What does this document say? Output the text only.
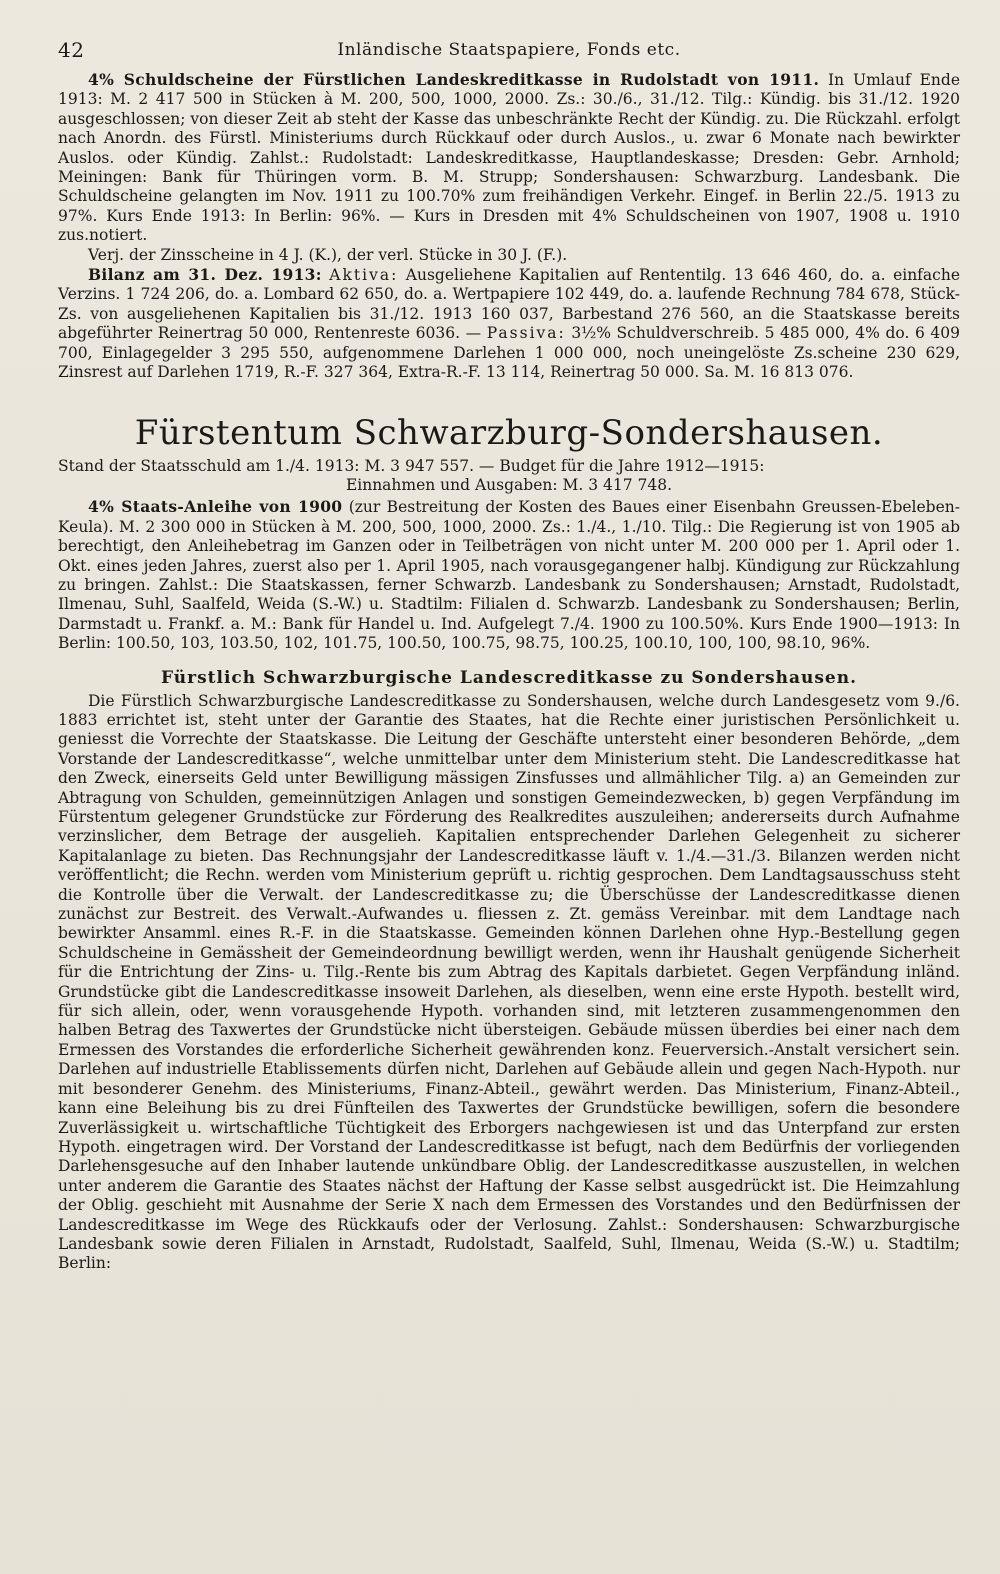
42	Inländische Staatspapiere, Fonds etc.

4% Schuldscheine der Fürstlichen Landeskreditkasse in Rudolstadt von 1911. In Umlauf Ende 1913: M. 2 417 500 in Stücken à M. 200, 500, 1000, 2000. Zs.: 30./6., 31./12. Tilg.: Kündig. bis 31./12. 1920 ausgeschlossen; von dieser Zeit ab steht der Kasse das unbeschränkte Recht der Kündig. zu. Die Rückzahl. erfolgt nach Anordn. des Fürstl. Ministeriums durch Rückkauf oder durch Auslos., u. zwar 6 Monate nach bewirkter Auslos. oder Kündig. Zahlst.: Rudolstadt: Landeskreditkasse, Hauptlandeskasse; Dresden: Gebr. Arnhold; Meiningen: Bank für Thüringen vorm. B. M. Strupp; Sondershausen: Schwarzburg. Landesbank. Die Schuldscheine gelangten im Nov. 1911 zu 100.70% zum freihändigen Verkehr. Eingef. in Berlin 22./5. 1913 zu 97%. Kurs Ende 1913: In Berlin: 96%. — Kurs in Dresden mit 4% Schuldscheinen von 1907, 1908 u. 1910 zus.notiert.

Verj. der Zinsscheine in 4 J. (K.), der verl. Stücke in 30 J. (F.).

Bilanz am 31. Dez. 1913: Aktiva: Ausgeliehene Kapitalien auf Rententilg. 13 646 460, do. a. einfache Verzins. 1 724 206, do. a. Lombard 62 650, do. a. Wertpapiere 102 449, do. a. laufende Rechnung 784 678, Stück-Zs. von ausgeliehenen Kapitalien bis 31./12. 1913 160 037, Barbestand 276 560, an die Staatskasse bereits abgeführter Reinertrag 50 000, Rentenreste 6036. — Passiva: 3½% Schuldverschreib. 5 485 000, 4% do. 6 409 700, Einlagegelder 3 295 550, aufgenommene Darlehen 1 000 000, noch uneingelöste Zs.scheine 230 629, Zinsrest auf Darlehen 1719, R.-F. 327 364, Extra-R.-F. 13 114, Reinertrag 50 000. Sa. M. 16 813 076.

Fürstentum Schwarzburg-Sondershausen.

Stand der Staatsschuld am 1./4. 1913: M. 3 947 557. — Budget für die Jahre 1912—1915:

Einnahmen und Ausgaben: M. 3 417 748.

4% Staats-Anleihe von 1900 (zur Bestreitung der Kosten des Baues einer Eisenbahn Greussen-Ebeleben-Keula). M. 2 300 000 in Stücken à M. 200, 500, 1000, 2000. Zs.: 1./4., 1./10. Tilg.: Die Regierung ist von 1905 ab berechtigt, den Anleihebetrag im Ganzen oder in Teilbeträgen von nicht unter M. 200 000 per 1. April oder 1. Okt. eines jeden Jahres, zuerst also per 1. April 1905, nach vorausgegangener halbj. Kündigung zur Rückzahlung zu bringen. Zahlst.: Die Staatskassen, ferner Schwarzb. Landesbank zu Sondershausen; Arnstadt, Rudolstadt, Ilmenau, Suhl, Saalfeld, Weida (S.-W.) u. Stadtilm: Filialen d. Schwarzb. Landesbank zu Sondershausen; Berlin, Darmstadt u. Frankf. a. M.: Bank für Handel u. Ind. Aufgelegt 7./4. 1900 zu 100.50%. Kurs Ende 1900—1913: In Berlin: 100.50, 103, 103.50, 102, 101.75, 100.50, 100.75, 98.75, 100.25, 100.10, 100, 100, 98.10, 96%.

Fürstlich Schwarzburgische Landescreditkasse zu Sondershausen.

Die Fürstlich Schwarzburgische Landescreditkasse zu Sondershausen, welche durch Landesgesetz vom 9./6. 1883 errichtet ist, steht unter der Garantie des Staates, hat die Rechte einer juristischen Persönlichkeit u. geniesst die Vorrechte der Staatskasse. Die Leitung der Geschäfte untersteht einer besonderen Behörde, „dem Vorstande der Landescreditkasse“, welche unmittelbar unter dem Ministerium steht. Die Landescreditkasse hat den Zweck, einerseits Geld unter Bewilligung mässigen Zinsfusses und allmählicher Tilg. a) an Gemeinden zur Abtragung von Schulden, gemeinnützigen Anlagen und sonstigen Gemeindezwecken, b) gegen Verpfändung im Fürstentum gelegener Grundstücke zur Förderung des Realkredites auszuleihen; andererseits durch Aufnahme verzinslicher, dem Betrage der ausgelieh. Kapitalien entsprechender Darlehen Gelegenheit zu sicherer Kapitalanlage zu bieten. Das Rechnungsjahr der Landescreditkasse läuft v. 1./4.—31./3. Bilanzen werden nicht veröffentlicht; die Rechn. werden vom Ministerium geprüft u. richtig gesprochen. Dem Landtagsausschuss steht die Kontrolle über die Verwalt. der Landescreditkasse zu; die Überschüsse der Landescreditkasse dienen zunächst zur Bestreit. des Verwalt.-Aufwandes u. fliessen z. Zt. gemäss Vereinbar. mit dem Landtage nach bewirkter Ansamml. eines R.-F. in die Staatskasse. Gemeinden können Darlehen ohne Hyp.-Bestellung gegen Schuldscheine in Gemässheit der Gemeindeordnung bewilligt werden, wenn ihr Haushalt genügende Sicherheit für die Entrichtung der Zins- u. Tilg.-Rente bis zum Abtrag des Kapitals darbietet. Gegen Verpfändung inländ. Grundstücke gibt die Landescreditkasse insoweit Darlehen, als dieselben, wenn eine erste Hypoth. bestellt wird, für sich allein, oder, wenn vorausgehende Hypoth. vorhanden sind, mit letzteren zusammengenommen den halben Betrag des Taxwertes der Grundstücke nicht übersteigen. Gebäude müssen überdies bei einer nach dem Ermessen des Vorstandes die erforderliche Sicherheit gewährenden konz. Feuerversich.-Anstalt versichert sein. Darlehen auf industrielle Etablissements dürfen nicht, Darlehen auf Gebäude allein und gegen Nach-Hypoth. nur mit besonderer Genehm. des Ministeriums, Finanz-Abteil., gewährt werden. Das Ministerium, Finanz-Abteil., kann eine Beleihung bis zu drei Fünfteilen des Taxwertes der Grundstücke bewilligen, sofern die besondere Zuverlässigkeit u. wirtschaftliche Tüchtigkeit des Erborgers nachgewiesen ist und das Unterpfand zur ersten Hypoth. eingetragen wird. Der Vorstand der Landescreditkasse ist befugt, nach dem Bedürfnis der vorliegenden Darlehensgesuche auf den Inhaber lautende unkündbare Oblig. der Landescreditkasse auszustellen, in welchen unter anderem die Garantie des Staates nächst der Haftung der Kasse selbst ausgedrückt ist. Die Heimzahlung der Oblig. geschieht mit Ausnahme der Serie X nach dem Ermessen des Vorstandes und den Bedürfnissen der Landescreditkasse im Wege des Rückkaufs oder der Verlosung. Zahlst.: Sondershausen: Schwarzburgische Landesbank sowie deren Filialen in Arnstadt, Rudolstadt, Saalfeld, Suhl, Ilmenau, Weida (S.-W.) u. Stadtilm; Berlin:
